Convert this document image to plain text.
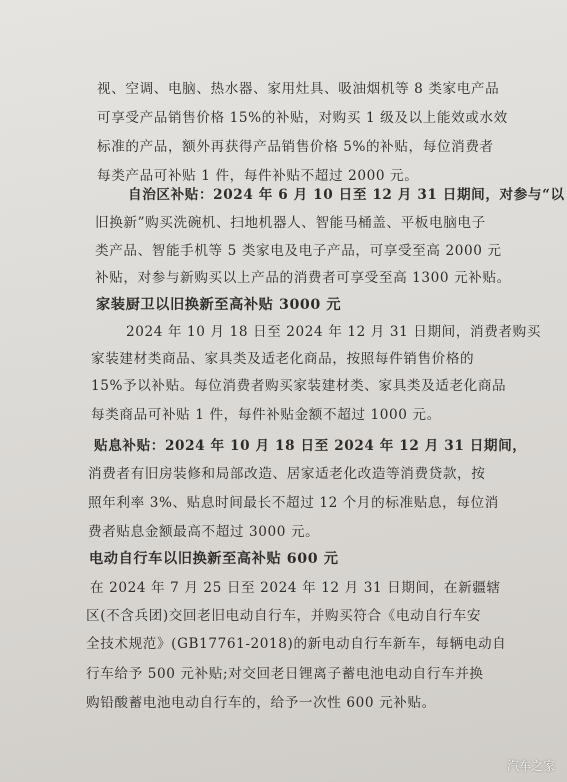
视、空调、电脑、热水器、家用灶具、吸油烟机等 8 类家电产品
可享受产品销售价格 15%的补贴，对购买 1 级及以上能效或水效
标准的产品，额外再获得产品销售价格 5%的补贴，每位消费者
每类产品可补贴 1 件，每件补贴不超过 2000 元。
自治区补贴：2024 年 6 月 10 日至 12 月 31 日期间，对参与“以
旧换新”购买洗碗机、扫地机器人、智能马桶盖、平板电脑电子
类产品、智能手机等 5 类家电及电子产品，可享受至高 2000 元
补贴，对参与新购买以上产品的消费者可享受至高 1300 元补贴。
家装厨卫以旧换新至高补贴 3000 元
2024 年 10 月 18 日至 2024 年 12 月 31 日期间，消费者购买
家装建材类商品、家具类及适老化商品，按照每件销售价格的
15%予以补贴。每位消费者购买家装建材类、家具类及适老化商品
每类商品可补贴 1 件，每件补贴金额不超过 1000 元。
贴息补贴：2024 年 10 月 18 日至 2024 年 12 月 31 日期间，
消费者有旧房装修和局部改造、居家适老化改造等消费贷款，按
照年利率 3%、贴息时间最长不超过 12 个月的标准贴息，每位消
费者贴息金额最高不超过 3000 元。
电动自行车以旧换新至高补贴 600 元
在 2024 年 7 月 25 日至 2024 年 12 月 31 日期间，在新疆辖
区(不含兵团)交回老旧电动自行车，并购买符合《电动自行车安
全技术规范》(GB17761-2018)的新电动自行车新车，每辆电动自
行车给予 500 元补贴;对交回老日锂离子蓄电池电动自行车并换
购铅酸蓄电池电动自行车的，给予一次性 600 元补贴。
汽车之家
